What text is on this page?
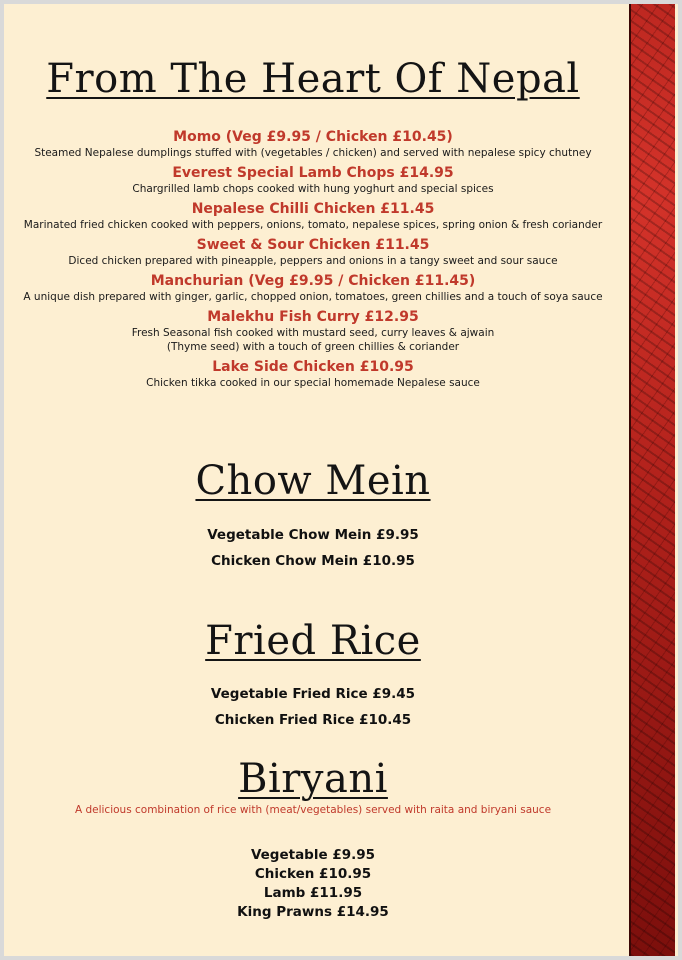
From The Heart Of Nepal
Momo (Veg £9.95 / Chicken £10.45)
Steamed Nepalese dumplings stuffed with (vegetables / chicken) and served with nepalese spicy chutney
Everest Special Lamb Chops £14.95
Chargrilled lamb chops cooked with hung yoghurt and special spices
Nepalese Chilli Chicken £11.45
Marinated fried chicken cooked with peppers, onions, tomato, nepalese spices, spring onion & fresh coriander
Sweet & Sour Chicken £11.45
Diced chicken prepared with pineapple, peppers and onions in a tangy sweet and sour sauce
Manchurian (Veg £9.95 / Chicken £11.45)
A unique dish prepared with ginger, garlic, chopped onion, tomatoes, green chillies and a touch of soya sauce
Malekhu Fish Curry £12.95
Fresh Seasonal fish cooked with mustard seed, curry leaves & ajwain
(Thyme seed) with a touch of green chillies & coriander
Lake Side Chicken £10.95
Chicken tikka cooked in our special homemade Nepalese sauce
Chow Mein
Vegetable Chow Mein £9.95
Chicken Chow Mein £10.95
Fried Rice
Vegetable Fried Rice £9.45
Chicken Fried Rice £10.45
Biryani
A delicious combination of rice with (meat/vegetables) served with raita and biryani sauce
Vegetable £9.95
Chicken £10.95
Lamb £11.95
King Prawns £14.95
